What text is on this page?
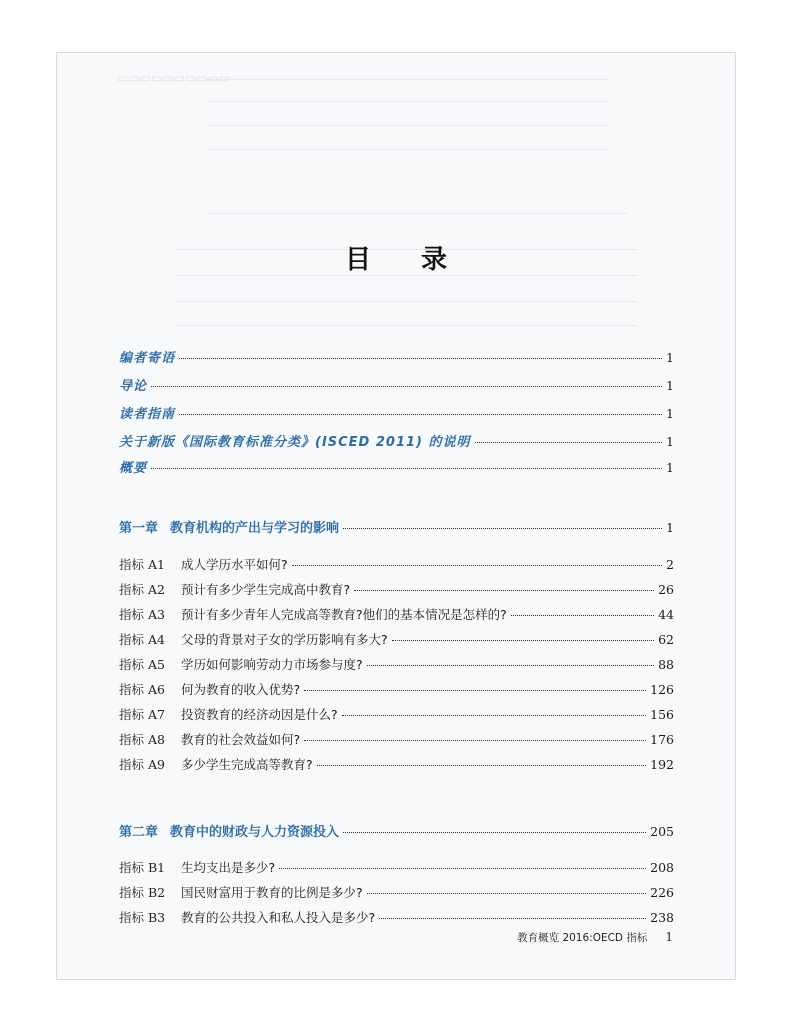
▭▭▭▭▭▭▭▭▭▭
目录
编者寄语	1
导论	1
读者指南	1
关于新版《国际教育标准分类》(ISCED 2011) 的说明	1
概要	1
第一章 教育机构的产出与学习的影响	1
指标 A1 成人学历水平如何?	2
指标 A2 预计有多少学生完成高中教育?	26
指标 A3 预计有多少青年人完成高等教育?他们的基本情况是怎样的?	44
指标 A4 父母的背景对子女的学历影响有多大?	62
指标 A5 学历如何影响劳动力市场参与度?	88
指标 A6 何为教育的收入优势?	126
指标 A7 投资教育的经济动因是什么?	156
指标 A8 教育的社会效益如何?	176
指标 A9 多少学生完成高等教育?	192
第二章 教育中的财政与人力资源投入	205
指标 B1 生均支出是多少?	208
指标 B2 国民财富用于教育的比例是多少?	226
指标 B3 教育的公共投入和私人投入是多少?	238
教育概览 2016:OECD 指标 1
